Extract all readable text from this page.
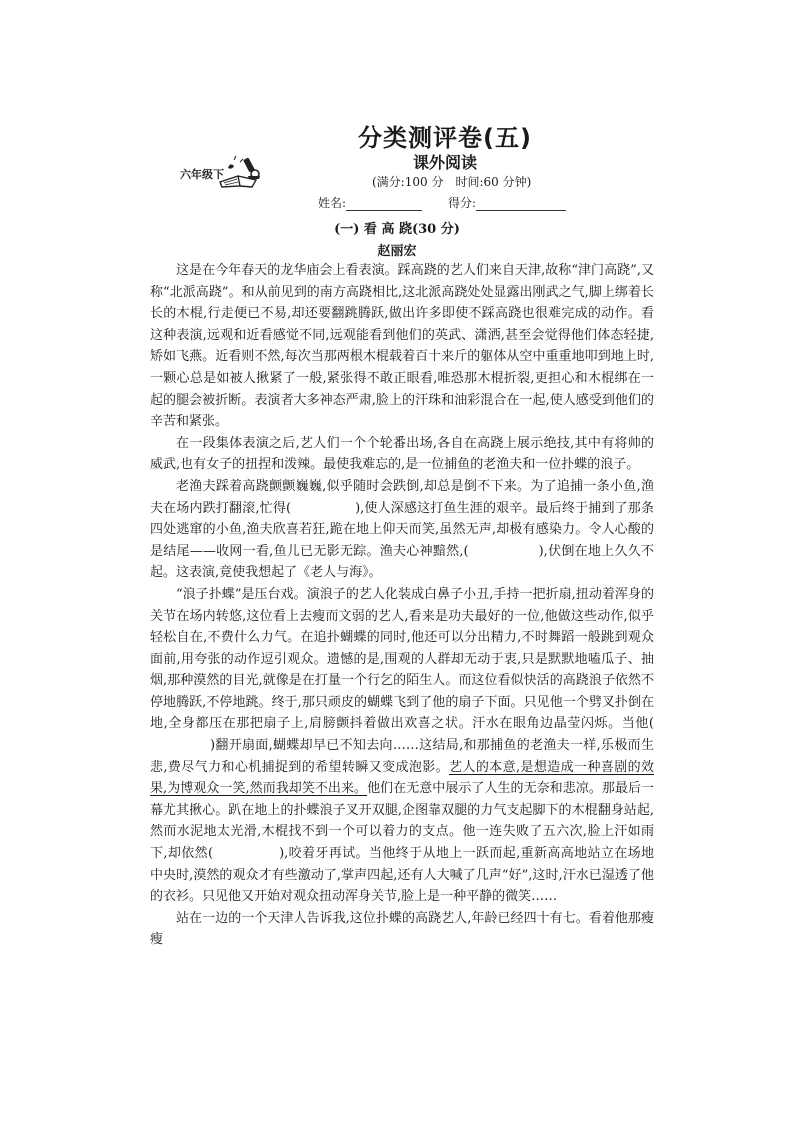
分类测评卷(五)
课外阅读
(满分:100 分　时间:60 分钟)
六年级下
姓名:	得分:
(一) 看 高 跷(30 分)
赵丽宏

这是在今年春天的龙华庙会上看表演。踩高跷的艺人们来自天津,故称“津门高跷”,又称“北派高跷”。和从前见到的南方高跷相比,这北派高跷处处显露出刚武之气,脚上绑着长长的木棍,行走便已不易,却还要翻跳腾跃,做出许多即使不踩高跷也很难完成的动作。看这种表演,远观和近看感觉不同,远观能看到他们的英武、潇洒,甚至会觉得他们体态轻捷,矫如飞燕。近看则不然,每次当那两根木棍载着百十来斤的躯体从空中重重地叩到地上时,一颗心总是如被人揪紧了一般,紧张得不敢正眼看,唯恐那木棍折裂,更担心和木棍绑在一起的腿会被折断。表演者大多神态严肃,脸上的汗珠和油彩混合在一起,使人感受到他们的辛苦和紧张。

在一段集体表演之后,艺人们一个个轮番出场,各自在高跷上展示绝技,其中有将帅的威武,也有女子的扭捏和泼辣。最使我难忘的,是一位捕鱼的老渔夫和一位扑蝶的浪子。

老渔夫踩着高跷颤颤巍巍,似乎随时会跌倒,却总是倒不下来。为了追捕一条小鱼,渔夫在场内跌打翻滚,忙得(	),使人深感这打鱼生涯的艰辛。最后终于捕到了那条四处逃窜的小鱼,渔夫欣喜若狂,跪在地上仰天而笑,虽然无声,却极有感染力。令人心酸的是结尾——收网一看,鱼儿已无影无踪。渔夫心神黯然,(	),伏倒在地上久久不起。这表演,竟使我想起了《老人与海》。

“浪子扑蝶”是压台戏。演浪子的艺人化装成白鼻子小丑,手持一把折扇,扭动着浑身的关节在场内转悠,这位看上去瘦而文弱的艺人,看来是功夫最好的一位,他做这些动作,似乎轻松自在,不费什么力气。在追扑蝴蝶的同时,他还可以分出精力,不时舞蹈一般跳到观众面前,用夸张的动作逗引观众。遗憾的是,围观的人群却无动于衷,只是默默地嗑瓜子、抽烟,那种漠然的目光,就像是在打量一个行乞的陌生人。而这位看似快活的高跷浪子依然不停地腾跃,不停地跳。终于,那只顽皮的蝴蝶飞到了他的扇子下面。只见他一个劈叉扑倒在地,全身都压在那把扇子上,肩膀颤抖着做出欢喜之状。汗水在眼角边晶莹闪烁。当他()翻开扇面,蝴蝶却早已不知去向……这结局,和那捕鱼的老渔夫一样,乐极而生悲,费尽气力和心机捕捉到的希望转瞬又变成泡影。艺人的本意,是想造成一种喜剧的效果,为博观众一笑,然而我却笑不出来。他们在无意中展示了人生的无奈和悲凉。那最后一幕尤其揪心。趴在地上的扑蝶浪子叉开双腿,企图靠双腿的力气支起脚下的木棍翻身站起,然而水泥地太光滑,木棍找不到一个可以着力的支点。他一连失败了五六次,脸上汗如雨下,却依然(	),咬着牙再试。当他终于从地上一跃而起,重新高高地站立在场地中央时,漠然的观众才有些激动了,掌声四起,还有人大喊了几声“好”,这时,汗水已湿透了他的衣衫。只见他又开始对观众扭动浑身关节,脸上是一种平静的微笑……

站在一边的一个天津人告诉我,这位扑蝶的高跷艺人,年龄已经四十有七。看着他那瘦瘦
